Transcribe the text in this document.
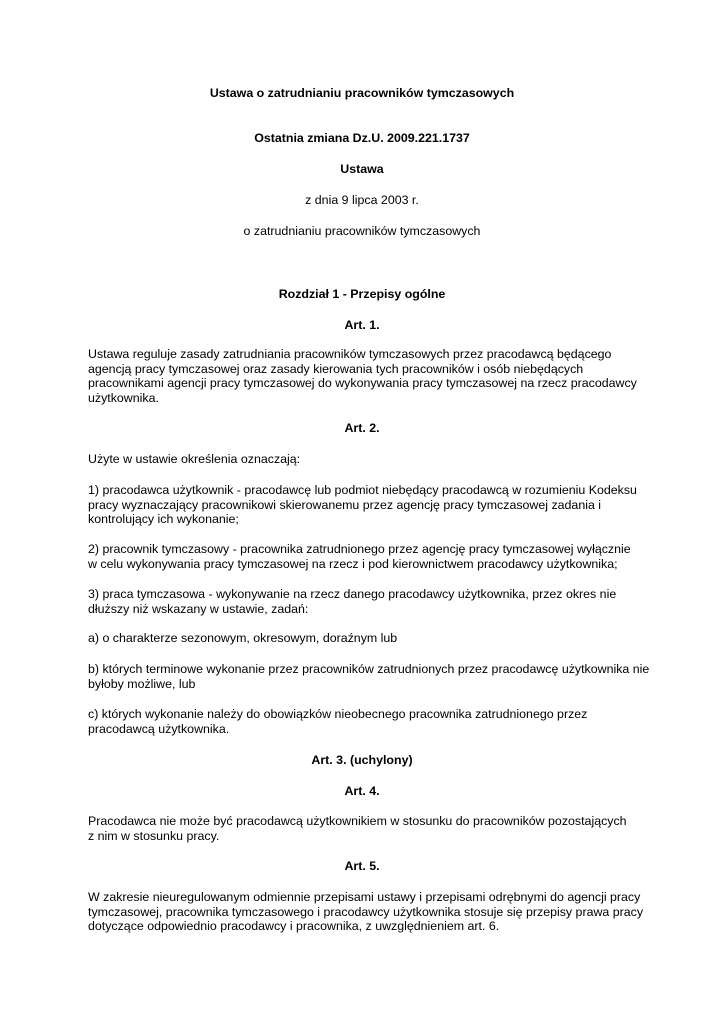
Ustawa o zatrudnianiu pracowników tymczasowych

Ostatnia zmiana Dz.U. 2009.221.1737

Ustawa

z dnia 9 lipca 2003 r.

o zatrudnianiu pracowników tymczasowych

Rozdział 1 - Przepisy ogólne

Art. 1.

Ustawa reguluje zasady zatrudniania pracowników tymczasowych przez pracodawcą będącego
agencją pracy tymczasowej oraz zasady kierowania tych pracowników i osób niebędących
pracownikami agencji pracy tymczasowej do wykonywania pracy tymczasowej na rzecz pracodawcy
użytkownika.

Art. 2.

Użyte w ustawie określenia oznaczają:

1) pracodawca użytkownik - pracodawcę lub podmiot niebędący pracodawcą w rozumieniu Kodeksu
pracy wyznaczający pracownikowi skierowanemu przez agencję pracy tymczasowej zadania i
kontrolujący ich wykonanie;
2) pracownik tymczasowy - pracownika zatrudnionego przez agencję pracy tymczasowej wyłącznie
w celu wykonywania pracy tymczasowej na rzecz i pod kierownictwem pracodawcy użytkownika;
3) praca tymczasowa - wykonywanie na rzecz danego pracodawcy użytkownika, przez okres nie
dłuższy niż wskazany w ustawie, zadań:
a) o charakterze sezonowym, okresowym, doraźnym lub
b) których terminowe wykonanie przez pracowników zatrudnionych przez pracodawcę użytkownika nie
byłoby możliwe, lub
c) których wykonanie należy do obowiązków nieobecnego pracownika zatrudnionego przez
pracodawcą użytkownika.

Art. 3. (uchylony)

Art. 4.

Pracodawca nie może być pracodawcą użytkownikiem w stosunku do pracowników pozostających
z nim w stosunku pracy.

Art. 5.

W zakresie nieuregulowanym odmiennie przepisami ustawy i przepisami odrębnymi do agencji pracy
tymczasowej, pracownika tymczasowego i pracodawcy użytkownika stosuje się przepisy prawa pracy
dotyczące odpowiednio pracodawcy i pracownika, z uwzględnieniem art. 6.
